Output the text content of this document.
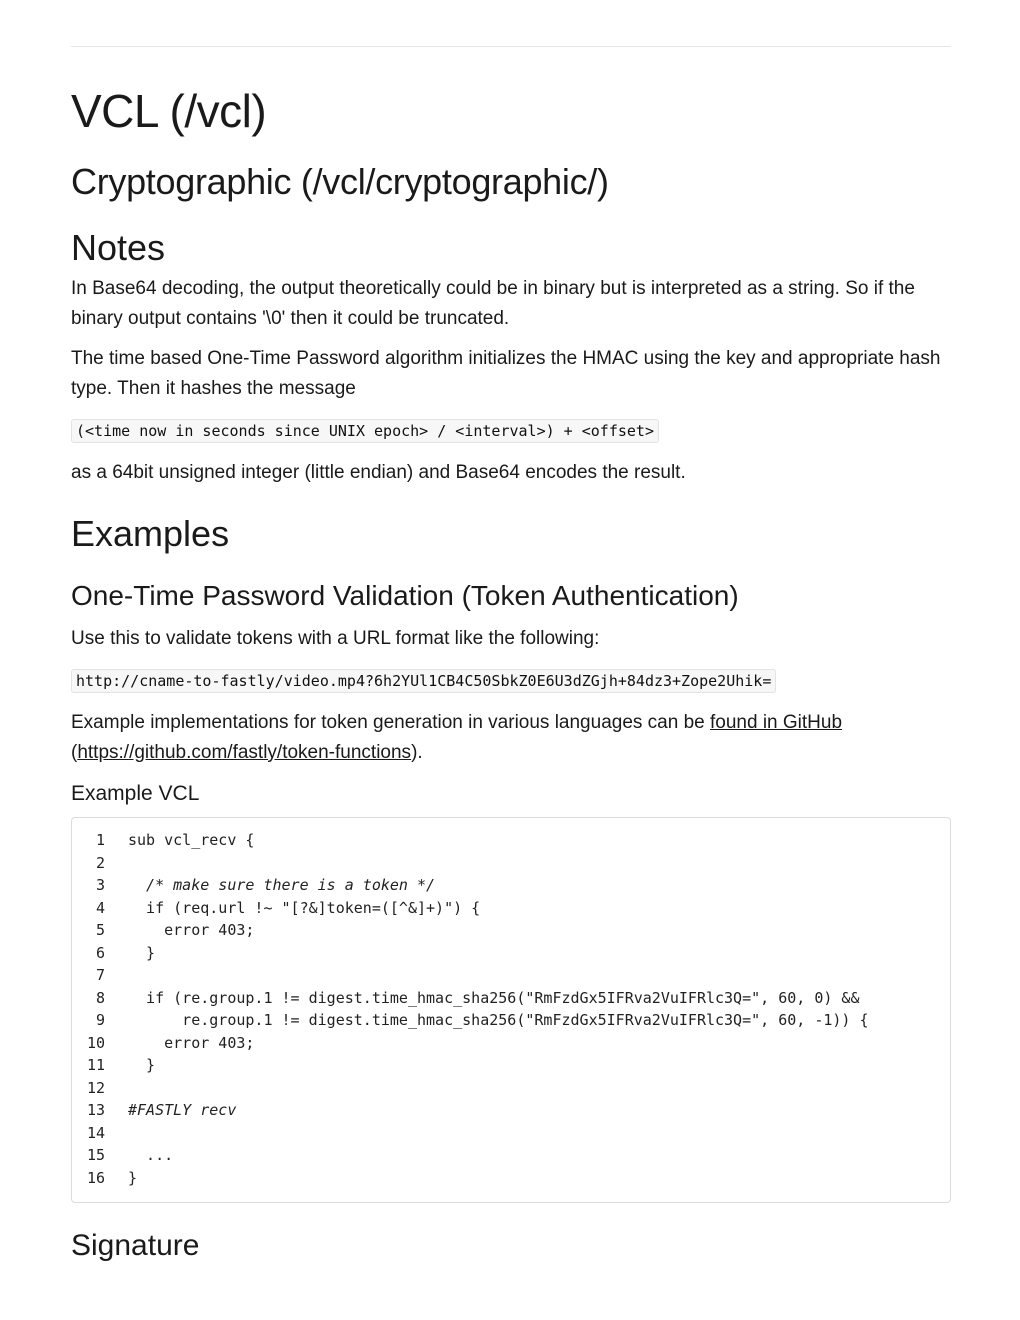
VCL (/vcl)
Cryptographic (/vcl/cryptographic/)
Notes

In Base64 decoding, the output theoretically could be in binary but is interpreted as a string. So if the binary output contains '\0' then it could be truncated.

The time based One-Time Password algorithm initializes the HMAC using the key and appropriate hash type. Then it hashes the message

(<time now in seconds since UNIX epoch> / <interval>) + <offset>

as a 64bit unsigned integer (little endian) and Base64 encodes the result.

Examples
One-Time Password Validation (Token Authentication)

Use this to validate tokens with a URL format like the following:

http://cname-to-fastly/video.mp4?6h2YUl1CB4C50SbkZ0E6U3dZGjh+84dz3+Zope2Uhik=

Example implementations for token generation in various languages can be found in GitHub
(https://github.com/fastly/token-functions).

Example VCL
1 sub vcl_recv {
2
3 /* make sure there is a token */
4 if (req.url !~ "[?&]token=([^&]+)") {
5 error 403;
6 }
7
8 if (re.group.1 != digest.time_hmac_sha256("RmFzdGx5IFRva2VuIFRlc3Q=", 60, 0) &&
9 re.group.1 != digest.time_hmac_sha256("RmFzdGx5IFRva2VuIFRlc3Q=", 60, -1)) {
10 error 403;
11 }
12
13 #FASTLY recv
14
15 ...
16 }
Signature
